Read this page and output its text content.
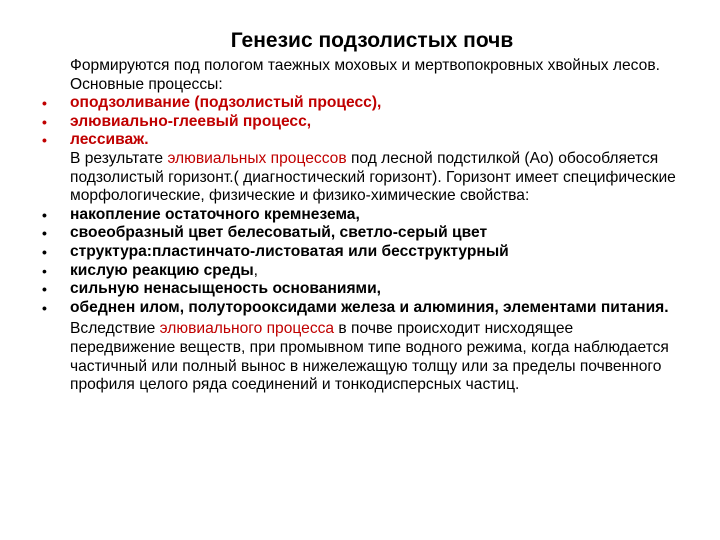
Генезис подзолистых почв

Формируются под пологом таежных моховых и мертвопокровных хвойных лесов. Основные процессы:

• оподзоливание (подзолистый процесс),

• элювиально-глеевый процесс,

• лессиваж.

В результате элювиальных процессов под лесной подстилкой (Ао) обособляется подзолистый горизонт.( диагностический горизонт). Горизонт имеет специфические морфологические, физические и физико-химические свойства:

• накопление остаточного кремнезема,

• своеобразный цвет белесоватый, светло-серый цвет

• структура:пластинчато-листоватая или бесструктурный

• кислую реакцию среды,

• сильную ненасыщеность основаниями,

• обеднен илом, полутороокcидами железа и алюминия, элементами питания.

Вследствие элювиального процесса в почве происходит нисходящее передвижение веществ, при промывном типе водного режима, когда наблюдается частичный или полный вынос в нижележащую толщу или за пределы почвенного профиля целого ряда соединений и тонкодисперсных частиц.
